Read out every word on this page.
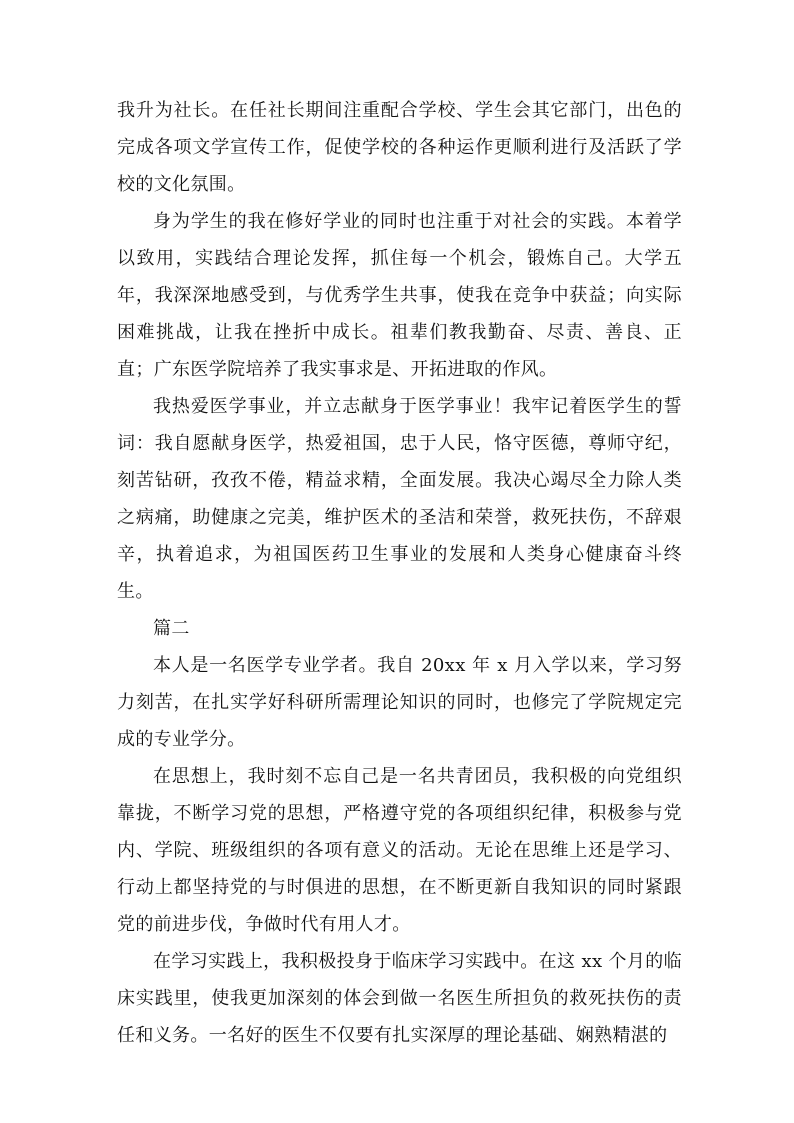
我升为社长。在任社长期间注重配合学校、学生会其它部门，出色的完成各项文学宣传工作，促使学校的各种运作更顺利进行及活跃了学校的文化氛围。

身为学生的我在修好学业的同时也注重于对社会的实践。本着学以致用，实践结合理论发挥，抓住每一个机会，锻炼自己。大学五年，我深深地感受到，与优秀学生共事，使我在竞争中获益；向实际困难挑战，让我在挫折中成长。祖辈们教我勤奋、尽责、善良、正直；广东医学院培养了我实事求是、开拓进取的作风。

我热爱医学事业，并立志献身于医学事业！我牢记着医学生的誓词：我自愿献身医学，热爱祖国，忠于人民，恪守医德，尊师守纪，刻苦钻研，孜孜不倦，精益求精，全面发展。我决心竭尽全力除人类之病痛，助健康之完美，维护医术的圣洁和荣誉，救死扶伤，不辞艰辛，执着追求，为祖国医药卫生事业的发展和人类身心健康奋斗终生。

篇二

本人是一名医学专业学者。我自 20xx 年 x 月入学以来，学习努力刻苦，在扎实学好科研所需理论知识的同时，也修完了学院规定完成的专业学分。

在思想上，我时刻不忘自己是一名共青团员，我积极的向党组织靠拢，不断学习党的思想，严格遵守党的各项组织纪律，积极参与党内、学院、班级组织的各项有意义的活动。无论在思维上还是学习、行动上都坚持党的与时俱进的思想，在不断更新自我知识的同时紧跟党的前进步伐，争做时代有用人才。

在学习实践上，我积极投身于临床学习实践中。在这 xx 个月的临床实践里，使我更加深刻的体会到做一名医生所担负的救死扶伤的责任和义务。一名好的医生不仅要有扎实深厚的理论基础、娴熟精湛的
